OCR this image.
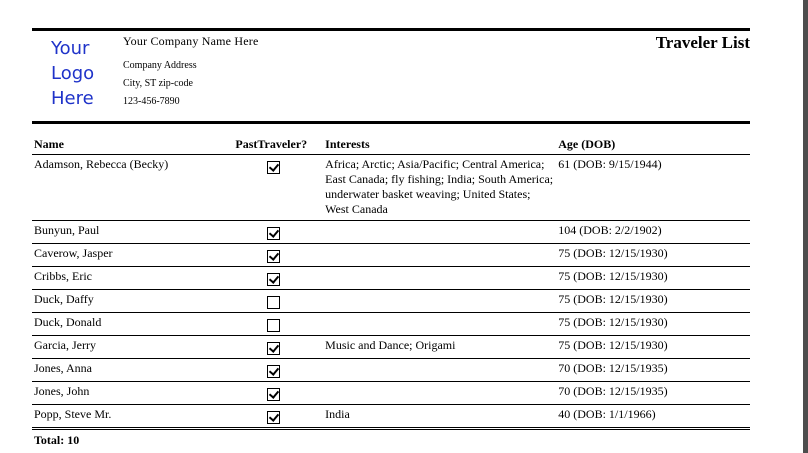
Your
Logo
Here
Your Company Name Here
Company Address
City, ST zip-code
123-456-7890
Traveler List
Name	PastTraveler?	Interests	Age (DOB)
Adamson, Rebecca (Becky)		Africa; Arctic; Asia/Pacific; Central America; East Canada; fly fishing; India; South America; underwater basket weaving; United States; West Canada	61 (DOB: 9/15/1944)
Bunyun, Paul			104 (DOB: 2/2/1902)
Caverow, Jasper			75 (DOB: 12/15/1930)
Cribbs, Eric			75 (DOB: 12/15/1930)
Duck, Daffy			75 (DOB: 12/15/1930)
Duck, Donald			75 (DOB: 12/15/1930)
Garcia, Jerry		Music and Dance; Origami	75 (DOB: 12/15/1930)
Jones, Anna			70 (DOB: 12/15/1935)
Jones, John			70 (DOB: 12/15/1935)
Popp, Steve Mr.		India	40 (DOB: 1/1/1966)
Total: 10
